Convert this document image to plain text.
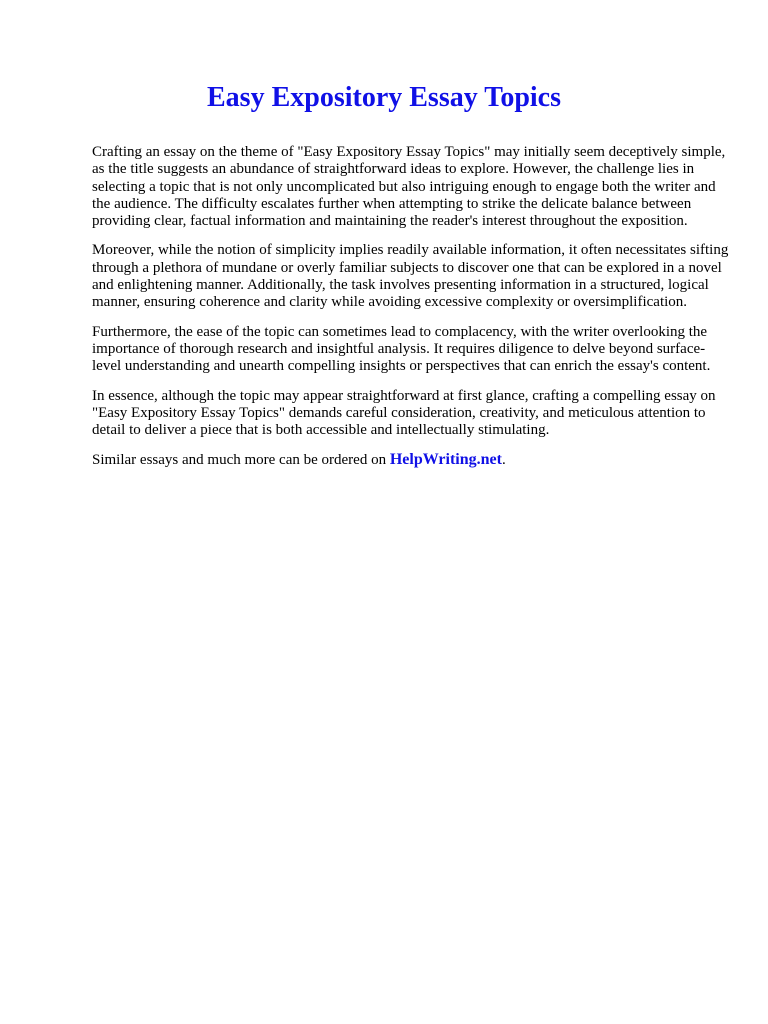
Easy Expository Essay Topics

Crafting an essay on the theme of "Easy Expository Essay Topics" may initially seem deceptively simple, as the title suggests an abundance of straightforward ideas to explore. However, the challenge lies in selecting a topic that is not only uncomplicated but also intriguing enough to engage both the writer and the audience. The difficulty escalates further when attempting to strike the delicate balance between providing clear, factual information and maintaining the reader's interest throughout the exposition.

Moreover, while the notion of simplicity implies readily available information, it often necessitates sifting through a plethora of mundane or overly familiar subjects to discover one that can be explored in a novel and enlightening manner. Additionally, the task involves presenting information in a structured, logical manner, ensuring coherence and clarity while avoiding excessive complexity or oversimplification.

Furthermore, the ease of the topic can sometimes lead to complacency, with the writer overlooking the importance of thorough research and insightful analysis. It requires diligence to delve beyond surface-level understanding and unearth compelling insights or perspectives that can enrich the essay's content.

In essence, although the topic may appear straightforward at first glance, crafting a compelling essay on "Easy Expository Essay Topics" demands careful consideration, creativity, and meticulous attention to detail to deliver a piece that is both accessible and intellectually stimulating.

Similar essays and much more can be ordered on HelpWriting.net.
